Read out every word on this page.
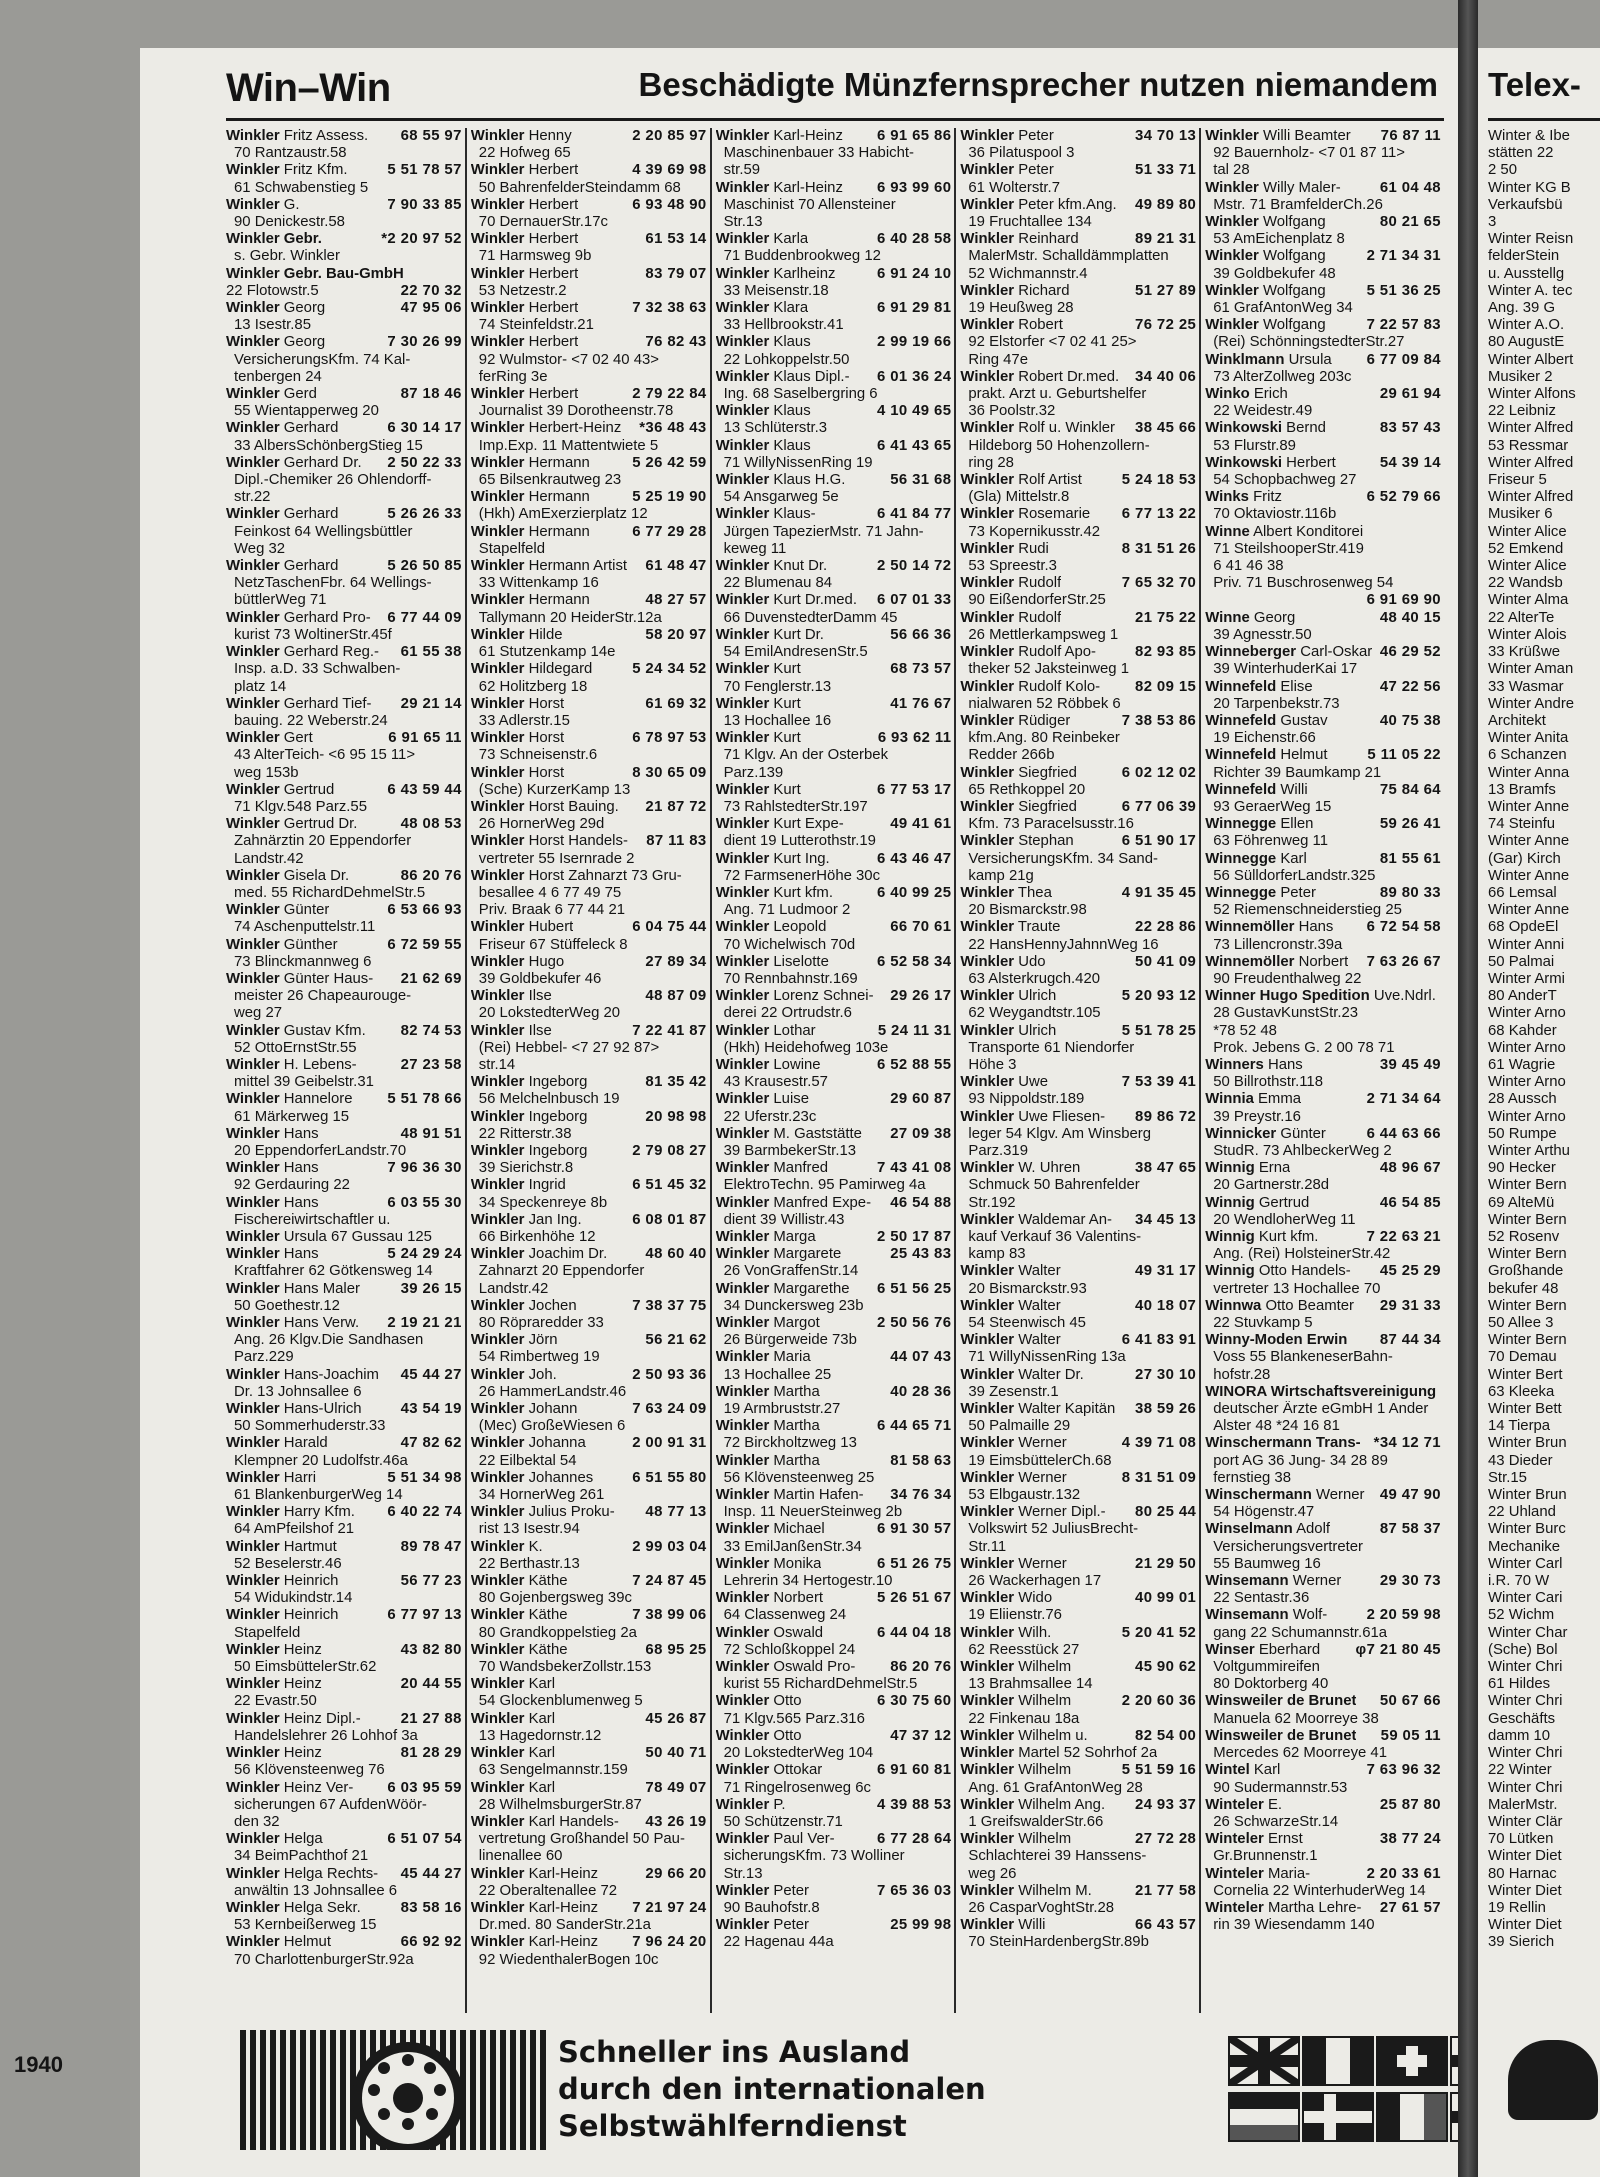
Win–Win	Beschädigte Münzfernsprecher nutzen niemandem
Winkler Fritz Assess. 68 55 97
70 Rantzaustr.58
Winkler Fritz Kfm.	5 51 78 57
61 Schwabenstieg 5
Winkler G.	7 90 33 85
90 Denickestr.58
Winkler Gebr.	*2 20 97 52
s. Gebr. Winkler
Winkler Gebr. Bau-GmbH
22 Flotowstr.5	22 70 32
Winkler Georg	47 95 06
13 Isestr.85
Winkler Georg	7 30 26 99
VersicherungsKfm. 74 Kal-
tenbergen 24
Winkler Gerd	87 18 46
55 Wientapperweg 20
Winkler Gerhard	6 30 14 17
33 AlbersSchönbergStieg 15
Winkler Gerhard Dr. 2 50 22 33
Dipl.-Chemiker 26 Ohlendorff-
str.22
Winkler Gerhard	5 26 26 33
Feinkost 64 Wellingsbüttler
Weg 32
Winkler Gerhard	5 26 50 85
NetzTaschenFbr. 64 Wellings-
büttlerWeg 71
Winkler Gerhard Pro- 6 77 44 09
kurist 73 WoltinerStr.45f
Winkler Gerhard Reg.- 61 55 38
Insp. a.D. 33 Schwalben-
platz 14
Winkler Gerhard Tief- 29 21 14
bauing. 22 Weberstr.24
Winkler Gert	6 91 65 11
43 AlterTeich- <6 95 15 11>
weg 153b
Winkler Gertrud	6 43 59 44
71 Klgv.548 Parz.55
Winkler Gertrud Dr.	48 08 53
Zahnärztin 20 Eppendorfer
Landstr.42
Winkler Gisela Dr.	86 20 76
med. 55 RichardDehmelStr.5
Winkler Günter	6 53 66 93
74 Aschenputtelstr.11
Winkler Günther	6 72 59 55
73 Blinckmannweg 6
Winkler Günter Haus- 21 62 69
meister 26 Chapeaurouge-
weg 27
Winkler Gustav Kfm. 82 74 53
52 OttoErnstStr.55
Winkler H. Lebens-	27 23 58
mittel 39 Geibelstr.31
Winkler Hannelore 5 51 78 66
61 Märkerweg 15
Winkler Hans	48 91 51
20 EppendorferLandstr.70
Winkler Hans	7 96 36 30
92 Gerdauring 22
Winkler Hans	6 03 55 30
Fischereiwirtschaftler u.
Winkler Ursula 67 Gussau 125
Winkler Hans	5 24 29 24
Kraftfahrer 62 Götkensweg 14
Winkler Hans Maler	39 26 15
50 Goethestr.12
Winkler Hans Verw. 2 19 21 21
Ang. 26 Klgv.Die Sandhasen
Parz.229
Winkler Hans-Joachim 45 44 27
Dr. 13 Johnsallee 6
Winkler Hans-Ulrich	43 54 19
50 Sommerhuderstr.33
Winkler Harald	47 82 62
Klempner 20 Ludolfstr.46a
Winkler Harri	5 51 34 98
61 BlankenburgerWeg 14
Winkler Harry Kfm. 6 40 22 74
64 AmPfeilshof 21
Winkler Hartmut	89 78 47
52 Beselerstr.46
Winkler Heinrich	56 77 23
54 Widukindstr.14
Winkler Heinrich	6 77 97 13
Stapelfeld
Winkler Heinz	43 82 80
50 EimsbüttelerStr.62
Winkler Heinz	20 44 55
22 Evastr.50
Winkler Heinz Dipl.-	21 27 88
Handelslehrer 26 Lohhof 3a
Winkler Heinz	81 28 29
56 Klövensteenweg 76
Winkler Heinz Ver- 6 03 95 59
sicherungen 67 AufdenWöör-
den 32
Winkler Helga	6 51 07 54
34 BeimPachthof 21
Winkler Helga Rechts- 45 44 27
anwältin 13 Johnsallee 6
Winkler Helga Sekr.	83 58 16
53 Kernbeißerweg 15
Winkler Helmut	66 92 92
70 CharlottenburgerStr.92a
Winkler Henny	2 20 85 97
22 Hofweg 65
Winkler Herbert	4 39 69 98
50 BahrenfelderSteindamm 68
Winkler Herbert	6 93 48 90
70 DernauerStr.17c
Winkler Herbert	61 53 14
71 Harmsweg 9b
Winkler Herbert	83 79 07
53 Netzestr.2
Winkler Herbert	7 32 38 63
74 Steinfeldstr.21
Winkler Herbert	76 82 43
92 Wulmstor- <7 02 40 43>
ferRing 3e
Winkler Herbert	2 79 22 84
Journalist 39 Dorotheenstr.78
Winkler Herbert-Heinz *36 48 43
Imp.Exp. 11 Mattentwiete 5
Winkler Hermann	5 26 42 59
65 Bilsenkrautweg 23
Winkler Hermann	5 25 19 90
(Hkh) AmExerzierplatz 12
Winkler Hermann	6 77 29 28
Stapelfeld
Winkler Hermann Artist 61 48 47
33 Wittenkamp 16
Winkler Hermann	48 27 57
Tallymann 20 HeiderStr.12a
Winkler Hilde	58 20 97
61 Stutzenkamp 14e
Winkler Hildegard	5 24 34 52
62 Holitzberg 18
Winkler Horst	61 69 32
33 Adlerstr.15
Winkler Horst	6 78 97 53
73 Schneisenstr.6
Winkler Horst	8 30 65 09
(Sche) KurzerKamp 13
Winkler Horst Bauing. 21 87 72
26 HornerWeg 29d
Winkler Horst Handels- 87 11 83
vertreter 55 Isernrade 2
Winkler Horst Zahnarzt 73 Gru-
besallee 4 6 77 49 75
Priv. Braak 6 77 44 21
Winkler Hubert	6 04 75 44
Friseur 67 Stüffeleck 8
Winkler Hugo	27 89 34
39 Goldbekufer 46
Winkler Ilse	48 87 09
20 LokstedterWeg 20
Winkler Ilse	7 22 41 87
(Rei) Hebbel- <7 27 92 87>
str.14
Winkler Ingeborg	81 35 42
56 Melchelnbusch 19
Winkler Ingeborg	20 98 98
22 Ritterstr.38
Winkler Ingeborg	2 79 08 27
39 Sierichstr.8
Winkler Ingrid	6 51 45 32
34 Speckenreye 8b
Winkler Jan Ing.	6 08 01 87
66 Birkenhöhe 12
Winkler Joachim Dr.	48 60 40
Zahnarzt 20 Eppendorfer
Landstr.42
Winkler Jochen	7 38 37 75
80 Röpraredder 33
Winkler Jörn	56 21 62
54 Rimbertweg 19
Winkler Joh.	2 50 93 36
26 HammerLandstr.46
Winkler Johann	7 63 24 09
(Mec) GroßeWiesen 6
Winkler Johanna	2 00 91 31
22 Eilbektal 54
Winkler Johannes	6 51 55 80
34 HornerWeg 261
Winkler Julius Proku- 48 77 13
rist 13 Isestr.94
Winkler K.	2 99 03 04
22 Berthastr.13
Winkler Käthe	7 24 87 45
80 Gojenbergsweg 39c
Winkler Käthe	7 38 99 06
80 Grandkoppelstieg 2a
Winkler Käthe	68 95 25
70 WandsbekerZollstr.153
Winkler Karl
54 Glockenblumenweg 5
Winkler Karl	45 26 87
13 Hagedornstr.12
Winkler Karl	50 40 71
63 Sengelmannstr.159
Winkler Karl	78 49 07
28 WilhelmsburgerStr.87
Winkler Karl Handels- 43 26 19
vertretung Großhandel 50 Pau-
linenallee 60
Winkler Karl-Heinz	29 66 20
22 Oberaltenallee 72
Winkler Karl-Heinz 7 21 97 24
Dr.med. 80 SanderStr.21a
Winkler Karl-Heinz 7 96 24 20
92 WiedenthalerBogen 10c
Winkler Karl-Heinz 6 91 65 86
Maschinenbauer 33 Habicht-
str.59
Winkler Karl-Heinz 6 93 99 60
Maschinist 70 Allensteiner
Str.13
Winkler Karla	6 40 28 58
71 Buddenbrookweg 12
Winkler Karlheinz	6 91 24 10
33 Meisenstr.18
Winkler Klara	6 91 29 81
33 Hellbrookstr.41
Winkler Klaus	2 99 19 66
22 Lohkoppelstr.50
Winkler Klaus Dipl.- 6 01 36 24
Ing. 68 Saselbergring 6
Winkler Klaus	4 10 49 65
13 Schlüterstr.3
Winkler Klaus	6 41 43 65
71 WillyNissenRing 19
Winkler Klaus H.G.	56 31 68
54 Ansgarweg 5e
Winkler Klaus-	6 41 84 77
Jürgen TapezierMstr. 71 Jahn-
keweg 11
Winkler Knut Dr.	2 50 14 72
22 Blumenau 84
Winkler Kurt Dr.med. 6 07 01 33
66 DuvenstedterDamm 45
Winkler Kurt Dr.	56 66 36
54 EmilAndresenStr.5
Winkler Kurt	68 73 57
70 Fenglerstr.13
Winkler Kurt	41 76 67
13 Hochallee 16
Winkler Kurt	6 93 62 11
71 Klgv. An der Osterbek
Parz.139
Winkler Kurt	6 77 53 17
73 RahlstedterStr.197
Winkler Kurt Expe-	49 41 61
dient 19 Lutterothstr.19
Winkler Kurt Ing.	6 43 46 47
72 FarmsenerHöhe 30c
Winkler Kurt kfm.	6 40 99 25
Ang. 71 Ludmoor 2
Winkler Leopold	66 70 61
70 Wichelwisch 70d
Winkler Liselotte	6 52 58 34
70 Rennbahnstr.169
Winkler Lorenz Schnei- 29 26 17
derei 22 Ortrudstr.6
Winkler Lothar	5 24 11 31
(Hkh) Heidehofweg 103e
Winkler Lowine	6 52 88 55
43 Krausestr.57
Winkler Luise	29 60 87
22 Uferstr.23c
Winkler M. Gaststätte 27 09 38
39 BarmbekerStr.13
Winkler Manfred	7 43 41 08
ElektroTechn. 95 Pamirweg 4a
Winkler Manfred Expe- 46 54 88
dient 39 Willistr.43
Winkler Marga	2 50 17 87
Winkler Margarete	25 43 83
26 VonGraffenStr.14
Winkler Margarethe 6 51 56 25
34 Dunckersweg 23b
Winkler Margot	2 50 56 76
26 Bürgerweide 73b
Winkler Maria	44 07 43
13 Hochallee 25
Winkler Martha	40 28 36
19 Armbruststr.27
Winkler Martha	6 44 65 71
72 Birckholtzweg 13
Winkler Martha	81 58 63
56 Klövensteenweg 25
Winkler Martin Hafen- 34 76 34
Insp. 11 NeuerSteinweg 2b
Winkler Michael	6 91 30 57
33 EmilJanßenStr.34
Winkler Monika	6 51 26 75
Lehrerin 34 Hertogestr.10
Winkler Norbert	5 26 51 67
64 Classenweg 24
Winkler Oswald	6 44 04 18
72 Schloßkoppel 24
Winkler Oswald Pro- 86 20 76
kurist 55 RichardDehmelStr.5
Winkler Otto	6 30 75 60
71 Klgv.565 Parz.316
Winkler Otto	47 37 12
20 LokstedterWeg 104
Winkler Ottokar	6 91 60 81
71 Ringelrosenweg 6c
Winkler P.	4 39 88 53
50 Schützenstr.71
Winkler Paul Ver-	6 77 28 64
sicherungsKfm. 73 Wolliner
Str.13
Winkler Peter	7 65 36 03
90 Bauhofstr.8
Winkler Peter	25 99 98
22 Hagenau 44a
Winkler Peter	34 70 13
36 Pilatuspool 3
Winkler Peter	51 33 71
61 Wolterstr.7
Winkler Peter kfm.Ang. 49 89 80
19 Fruchtallee 134
Winkler Reinhard	89 21 31
MalerMstr. Schalldämmplatten
52 Wichmannstr.4
Winkler Richard	51 27 89
19 Heußweg 28
Winkler Robert	76 72 25
92 Elstorfer <7 02 41 25>
Ring 47e
Winkler Robert Dr.med. 34 40 06
prakt. Arzt u. Geburtshelfer
36 Poolstr.32
Winkler Rolf u. Winkler 38 45 66
Hildeborg 50 Hohenzollern-
ring 28
Winkler Rolf Artist	5 24 18 53
(Gla) Mittelstr.8
Winkler Rosemarie 6 77 13 22
73 Kopernikusstr.42
Winkler Rudi	8 31 51 26
53 Spreestr.3
Winkler Rudolf	7 65 32 70
90 EißendorferStr.25
Winkler Rudolf	21 75 22
26 Mettlerkampsweg 1
Winkler Rudolf Apo-	82 93 85
theker 52 Jaksteinweg 1
Winkler Rudolf Kolo- 82 09 15
nialwaren 52 Röbbek 6
Winkler Rüdiger	7 38 53 86
kfm.Ang. 80 Reinbeker
Redder 266b
Winkler Siegfried	6 02 12 02
65 Rethkoppel 20
Winkler Siegfried	6 77 06 39
Kfm. 73 Paracelsusstr.16
Winkler Stephan	6 51 90 17
VersicherungsKfm. 34 Sand-
kamp 21g
Winkler Thea	4 91 35 45
20 Bismarckstr.98
Winkler Traute	22 28 86
22 HansHennyJahnnWeg 16
Winkler Udo	50 41 09
63 Alsterkrugch.420
Winkler Ulrich	5 20 93 12
62 Weygandtstr.105
Winkler Ulrich	5 51 78 25
Transporte 61 Niendorfer
Höhe 3
Winkler Uwe	7 53 39 41
93 Nippoldstr.189
Winkler Uwe Fliesen- 89 86 72
leger 54 Klgv. Am Winsberg
Parz.319
Winkler W. Uhren	38 47 65
Schmuck 50 Bahrenfelder
Str.192
Winkler Waldemar An- 34 45 13
kauf Verkauf 36 Valentins-
kamp 83
Winkler Walter	49 31 17
20 Bismarckstr.93
Winkler Walter	40 18 07
54 Steenwisch 45
Winkler Walter	6 41 83 91
71 WillyNissenRing 13a
Winkler Walter Dr.	27 30 10
39 Zesenstr.1
Winkler Walter Kapitän 38 59 26
50 Palmaille 29
Winkler Werner	4 39 71 08
19 EimsbüttelerCh.68
Winkler Werner	8 31 51 09
53 Elbgaustr.132
Winkler Werner Dipl.- 80 25 44
Volkswirt 52 JuliusBrecht-
Str.11
Winkler Werner	21 29 50
26 Wackerhagen 17
Winkler Wido	40 99 01
19 Eliienstr.76
Winkler Wilh.	5 20 41 52
62 Reesstück 27
Winkler Wilhelm	45 90 62
13 Brahmsallee 14
Winkler Wilhelm	2 20 60 36
22 Finkenau 18a
Winkler Wilhelm u.	82 54 00
Winkler Martel 52 Sohrhof 2a
Winkler Wilhelm	5 51 59 16
Ang. 61 GrafAntonWeg 28
Winkler Wilhelm Ang. 24 93 37
1 GreifswalderStr.66
Winkler Wilhelm	27 72 28
Schlachterei 39 Hanssens-
weg 26
Winkler Wilhelm M.	21 77 58
26 CasparVoghtStr.28
Winkler Willi	66 43 57
70 SteinHardenbergStr.89b
Winkler Willi Beamter 76 87 11
92 Bauernholz- <7 01 87 11>
tal 28
Winkler Willy Maler-	61 04 48
Mstr. 71 BramfelderCh.26
Winkler Wolfgang	80 21 65
53 AmEichenplatz 8
Winkler Wolfgang	2 71 34 31
39 Goldbekufer 48
Winkler Wolfgang	5 51 36 25
61 GrafAntonWeg 34
Winkler Wolfgang	7 22 57 83
(Rei) SchönningstedterStr.27
Winklmann Ursula 6 77 09 84
73 AlterZollweg 203c
Winko Erich	29 61 94
22 Weidestr.49
Winkowski Bernd	83 57 43
53 Flurstr.89
Winkowski Herbert	54 39 14
54 Schopbachweg 27
Winks Fritz	6 52 79 66
70 Oktaviostr.116b
Winne Albert Konditorei
71 SteilshooperStr.419
6 41 46 38
Priv. 71 Buschrosenweg 54
6 91 69 90
Winne Georg	48 40 15
39 Agnesstr.50
Winneberger Carl-Oskar 46 29 52
39 WinterhuderKai 17
Winnefeld Elise	47 22 56
20 Tarpenbekstr.73
Winnefeld Gustav	40 75 38
19 Eichenstr.66
Winnefeld Helmut	5 11 05 22
Richter 39 Baumkamp 21
Winnefeld Willi	75 84 64
93 GeraerWeg 15
Winnegge Ellen	59 26 41
63 Föhrenweg 11
Winnegge Karl	81 55 61
56 SülldorferLandstr.325
Winnegge Peter	89 80 33
52 Riemenschneiderstieg 25
Winnemöller Hans 6 72 54 58
73 Lillencronstr.39a
Winnemöller Norbert 7 63 26 67
90 Freudenthalweg 22
Winner Hugo Spedition Uve.Ndrl.
28 GustavKunstStr.23
*78 52 48
Prok. Jebens G. 2 00 78 71
Winners Hans	39 45 49
50 Billrothstr.118
Winnia Emma	2 71 34 64
39 Preystr.16
Winnicker Günter	6 44 63 66
StudR. 73 AhlbeckerWeg 2
Winnig Erna	48 96 67
20 Gartnerstr.28d
Winnig Gertrud	46 54 85
20 WendloherWeg 11
Winnig Kurt kfm.	7 22 63 21
Ang. (Rei) HolsteinerStr.42
Winnig Otto Handels- 45 25 29
vertreter 13 Hochallee 70
Winnwa Otto Beamter 29 31 33
22 Stuvkamp 5
Winny-Moden Erwin 87 44 34
Voss 55 BlankeneserBahn-
hofstr.28
WINORA Wirtschaftsvereinigung
deutscher Ärzte eGmbH 1 Ander
Alster 48 *24 16 81
Winschermann Trans- *34 12 71
port AG 36 Jung- 34 28 89
fernstieg 38
Winschermann Werner 49 47 90
54 Högenstr.47
Winselmann Adolf	87 58 37
Versicherungsvertreter
55 Baumweg 16
Winsemann Werner	29 30 73
22 Sentastr.36
Winsemann Wolf-	2 20 59 98
gang 22 Schumannstr.61a
Winser Eberhard φ7 21 80 45
Voltgummireifen
80 Doktorberg 40
Winsweiler de Brunet 50 67 66
Manuela 62 Moorreye 38
Winsweiler de Brunet 59 05 11
Mercedes 62 Moorreye 41
Wintel Karl	7 63 96 32
90 Sudermannstr.53
Winteler E.	25 87 80
26 SchwarzeStr.14
Winteler Ernst	38 77 24
Gr.Brunnenstr.1
Winteler Maria-	2 20 33 61
Cornelia 22 WinterhuderWeg 14
Winteler Martha Lehre- 27 61 57
rin 39 Wiesendamm 140
Schneller ins Ausland
durch den internationalen
Selbstwählferndienst
1940
Telex-
Winter & Ibe
stätten 22
2 50
Winter KG B
Verkaufsbü
3
Winter Reisn
felderStein
u. Ausstellg
Winter A. tec
Ang. 39 G
Winter A.O.
80 AugustE
Winter Albert
Musiker 2
Winter Alfons
22 Leibniz
Winter Alfred
53 Ressmar
Winter Alfred
Friseur 5
Winter Alfred
Musiker 6
Winter Alice
52 Emkend
Winter Alice
22 Wandsb
Winter Alma
22 AlterTe
Winter Alois
33 Krüßwe
Winter Aman
33 Wasmar
Winter Andre
Architekt
Winter Anita
6 Schanzen
Winter Anna
13 Bramfs
Winter Anne
74 Steinfu
Winter Anne
(Gar) Kirch
Winter Anne
66 Lemsal
Winter Anne
68 OpdeEl
Winter Anni
50 Palmai
Winter Armi
80 AnderT
Winter Arno
68 Kahder
Winter Arno
61 Wagrie
Winter Arno
28 Aussch
Winter Arno
50 Rumpe
Winter Arthu
90 Hecker
Winter Bern
69 AlteMü
Winter Bern
52 Rosenv
Winter Bern
Großhande
bekufer 48
Winter Bern
50 Allee 3
Winter Bern
70 Demau
Winter Bert
63 Kleeka
Winter Bett
14 Tierpa
Winter Brun
43 Dieder
Str.15
Winter Brun
22 Uhland
Winter Burc
Mechanike
Winter Carl
i.R. 70 W
Winter Cari
52 Wichm
Winter Char
(Sche) Bol
Winter Chri
61 Hildes
Winter Chri
Geschäfts
damm 10
Winter Chri
22 Winter
Winter Chri
MalerMstr.
Winter Clär
70 Lütken
Winter Diet
80 Harnac
Winter Diet
19 Rellin
Winter Diet
39 Sierich
